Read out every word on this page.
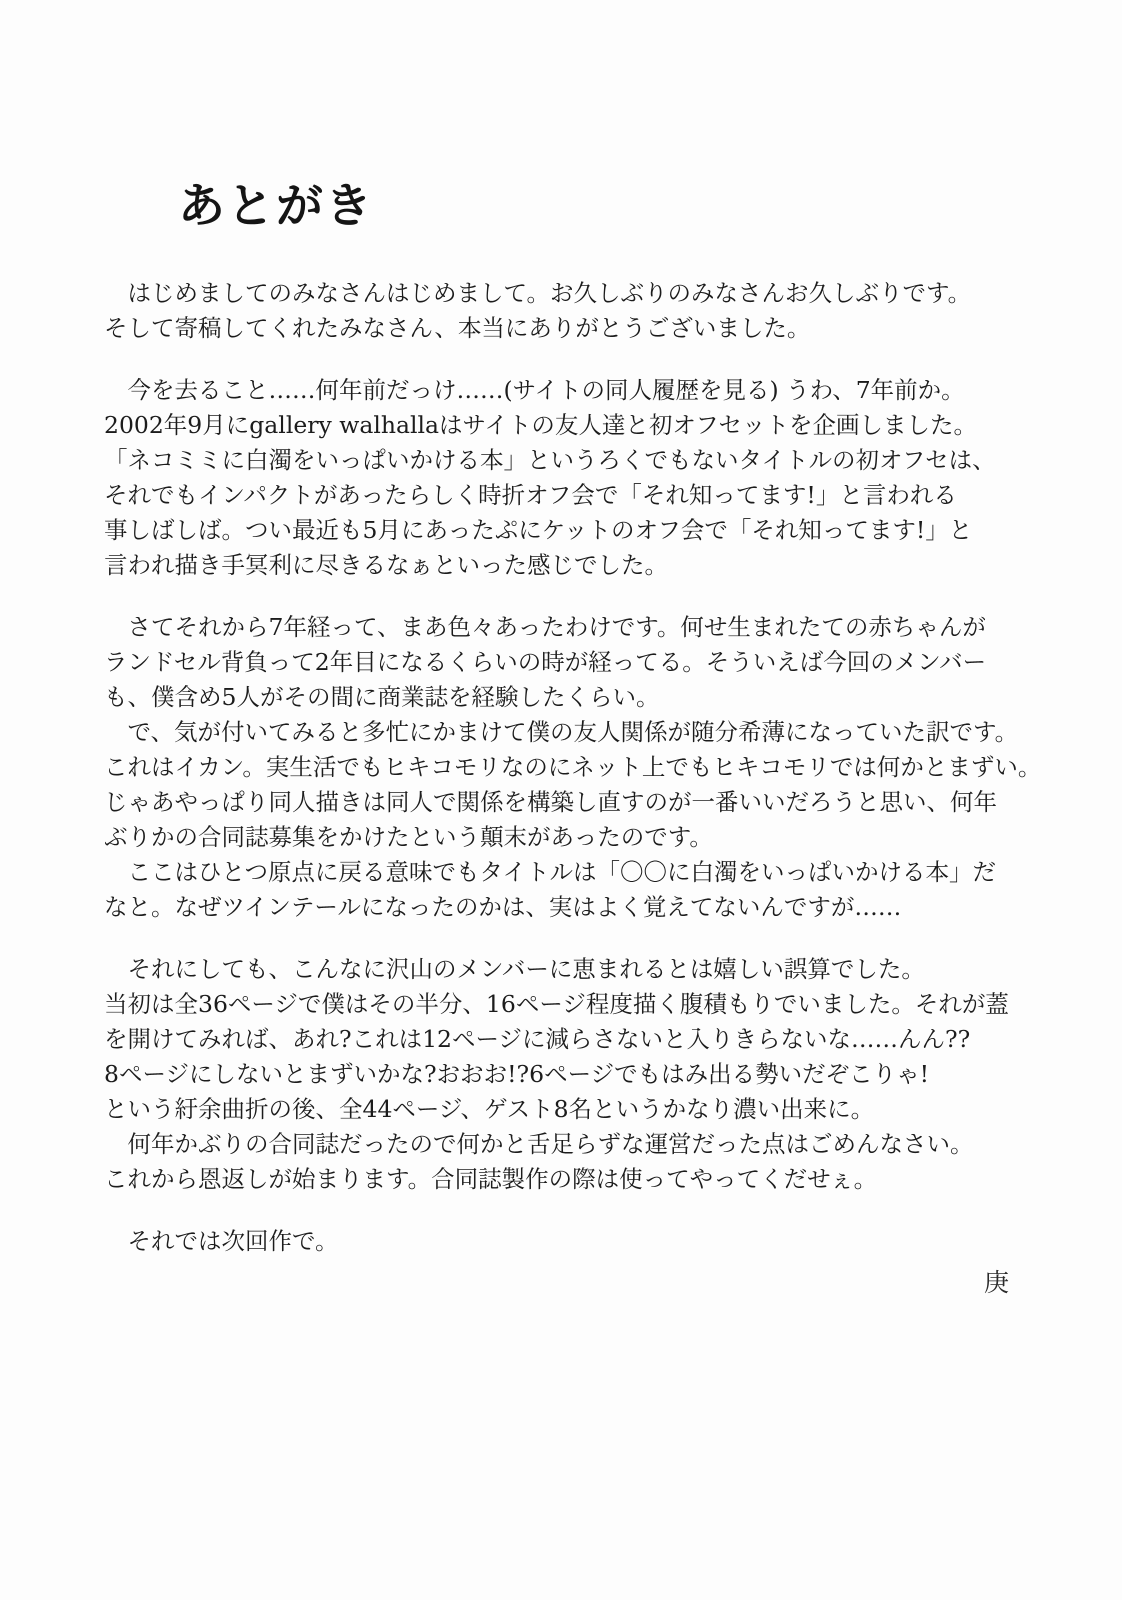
あとがき
　はじめましてのみなさんはじめまして。お久しぶりのみなさんお久しぶりです。
そして寄稿してくれたみなさん、本当にありがとうございました。
　今を去ること……何年前だっけ……(サイトの同人履歴を見る) うわ、7年前か。
2002年9月にgallery walhallaはサイトの友人達と初オフセットを企画しました。
「ネコミミに白濁をいっぱいかける本」というろくでもないタイトルの初オフセは、
それでもインパクトがあったらしく時折オフ会で「それ知ってます!」と言われる
事しばしば。つい最近も5月にあったぷにケットのオフ会で「それ知ってます!」と
言われ描き手冥利に尽きるなぁといった感じでした。
　さてそれから7年経って、まあ色々あったわけです。何せ生まれたての赤ちゃんが
ランドセル背負って2年目になるくらいの時が経ってる。そういえば今回のメンバー
も、僕含め5人がその間に商業誌を経験したくらい。
　で、気が付いてみると多忙にかまけて僕の友人関係が随分希薄になっていた訳です。
これはイカン。実生活でもヒキコモリなのにネット上でもヒキコモリでは何かとまずい。
じゃあやっぱり同人描きは同人で関係を構築し直すのが一番いいだろうと思い、何年
ぶりかの合同誌募集をかけたという顛末があったのです。
　ここはひとつ原点に戻る意味でもタイトルは「〇〇に白濁をいっぱいかける本」だ
なと。なぜツインテールになったのかは、実はよく覚えてないんですが……
　それにしても、こんなに沢山のメンバーに恵まれるとは嬉しい誤算でした。
当初は全36ページで僕はその半分、16ページ程度描く腹積もりでいました。それが蓋
を開けてみれば、あれ?これは12ページに減らさないと入りきらないな……んん??
8ページにしないとまずいかな?おおお!?6ページでもはみ出る勢いだぞこりゃ!
という紆余曲折の後、全44ページ、ゲスト8名というかなり濃い出来に。
　何年かぶりの合同誌だったので何かと舌足らずな運営だった点はごめんなさい。
これから恩返しが始まります。合同誌製作の際は使ってやってくだせぇ。
　それでは次回作で。
庚
